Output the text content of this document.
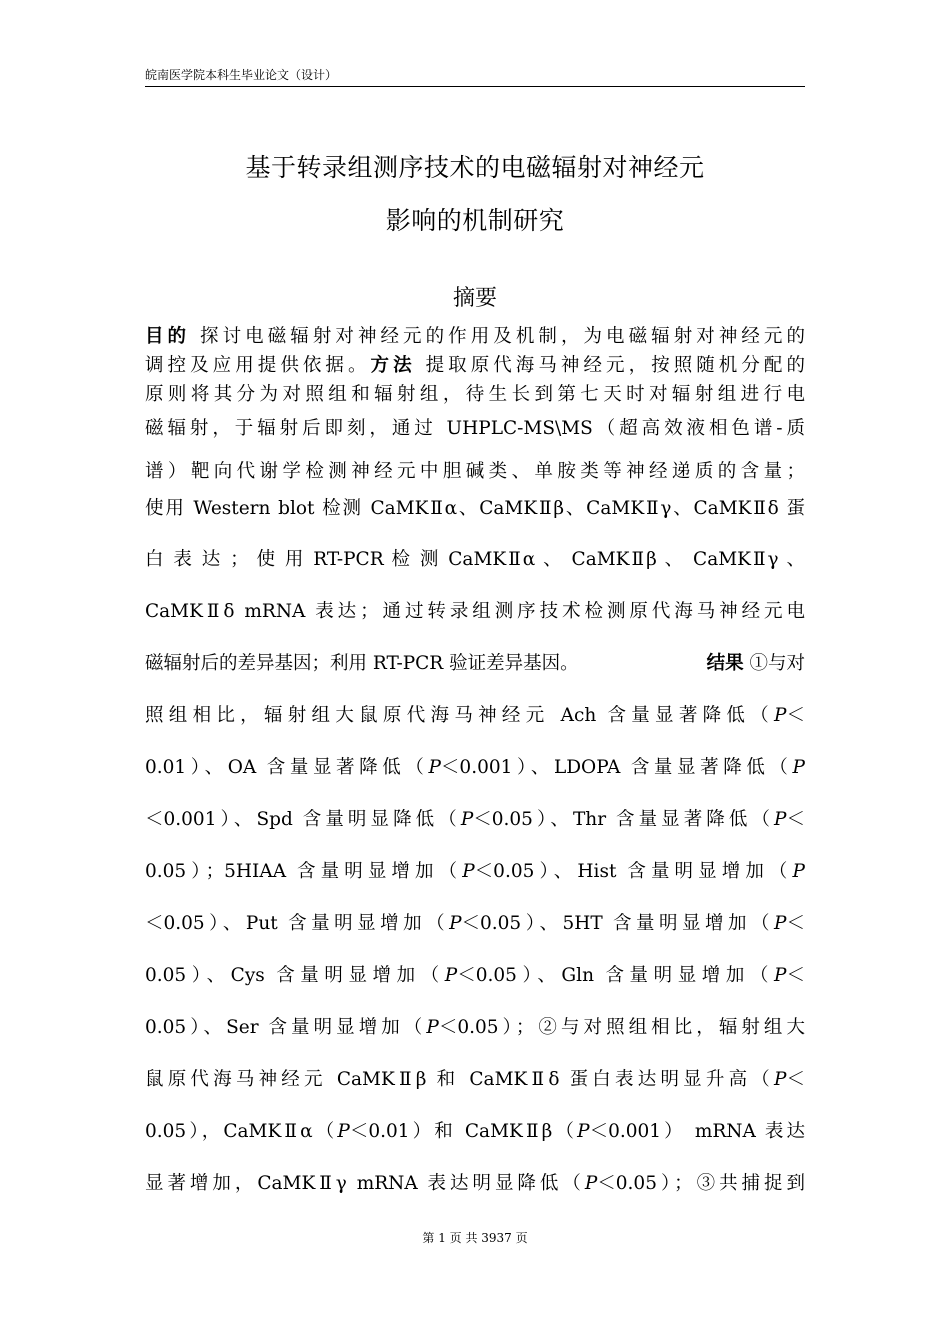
皖南医学院本科生毕业论文（设计）
基于转录组测序技术的电磁辐射对神经元
影响的机制研究
摘要
目的 探讨电磁辐射对神经元的作用及机制，为电磁辐射对神经元的
调控及应用提供依据。方法 提取原代海马神经元，按照随机分配的
原则将其分为对照组和辐射组，待生长到第七天时对辐射组进行电
磁辐射，于辐射后即刻，通过 UHPLC-MS\MS（超高效液相色谱-质
谱）靶向代谢学检测神经元中胆碱类、单胺类等神经递质的含量；
使用 Western blot 检测 CaMKⅡα、CaMKⅡβ、CaMKⅡγ、CaMKⅡδ 蛋
白 表 达 ； 使 用 RT-PCR 检 测 CaMKⅡα 、 CaMKⅡβ 、 CaMKⅡγ 、
CaMKⅡδ mRNA 表达；通过转录组测序技术检测原代海马神经元电
磁辐射后的差异基因；利用 RT-PCR 验证差异基因。	结果 ①与对
照组相比，辐射组大鼠原代海马神经元 Ach 含量显著降低（P＜
0.01）、OA 含量显著降低（P＜0.001）、LDOPA 含量显著降低（P
＜0.001）、Spd 含量明显降低（P＜0.05）、Thr 含量显著降低（P＜
0.05）；5HIAA 含量明显增加（P＜0.05）、Hist 含量明显增加（P
＜0.05）、Put 含量明显增加（P＜0.05）、5HT 含量明显增加（P＜
0.05）、Cys 含量明显增加（P＜0.05）、Gln 含量明显增加（P＜
0.05）、Ser 含量明显增加（P＜0.05）；②与对照组相比，辐射组大
鼠原代海马神经元 CaMKⅡβ 和 CaMKⅡδ 蛋白表达明显升高（P＜
0.05），CaMKⅡα（P＜0.01）和 CaMKⅡβ（P＜0.001） mRNA 表达
显著增加，CaMKⅡγ mRNA 表达明显降低（P＜0.05）；③共捕捉到
第 1 页 共 3937 页
